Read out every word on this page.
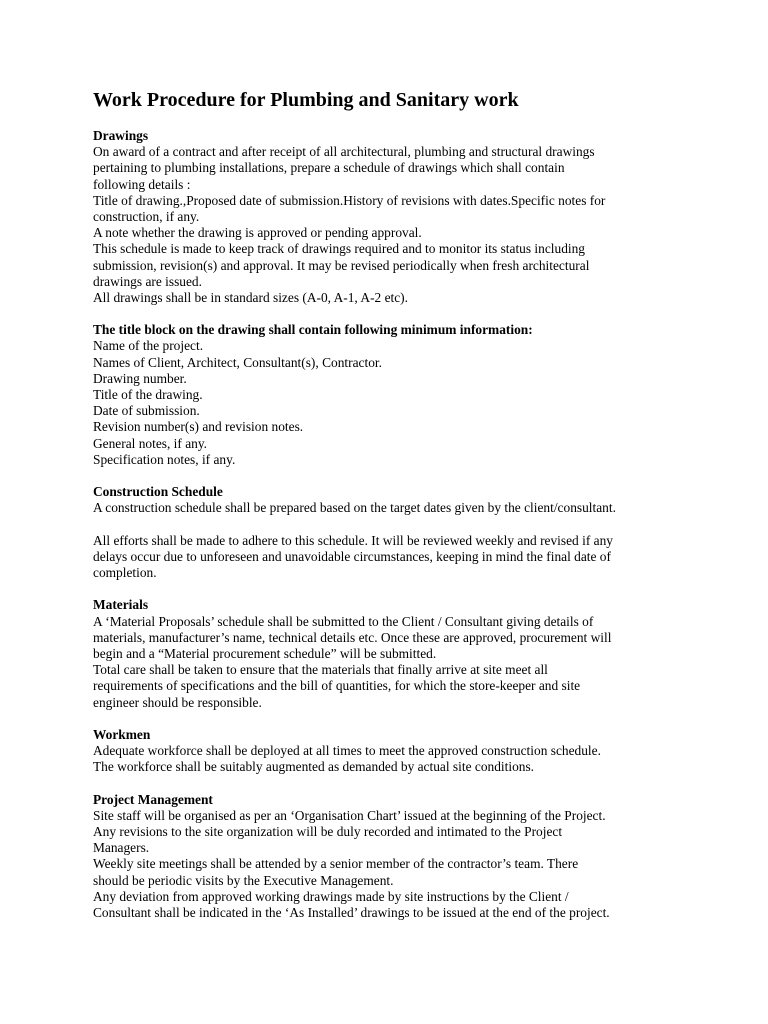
Work Procedure for Plumbing and Sanitary work
Drawings
On award of a contract and after receipt of all architectural, plumbing and structural drawings
pertaining to plumbing installations, prepare a schedule of drawings which shall contain
following details :
Title of drawing.,Proposed date of submission.History of revisions with dates.Specific notes for
construction, if any.
A note whether the drawing is approved or pending approval.
This schedule is made to keep track of drawings required and to monitor its status including
submission, revision(s) and approval. It may be revised periodically when fresh architectural
drawings are issued.
All drawings shall be in standard sizes (A-0, A-1, A-2 etc).
The title block on the drawing shall contain following minimum information:
Name of the project.
Names of Client, Architect, Consultant(s), Contractor.
Drawing number.
Title of the drawing.
Date of submission.
Revision number(s) and revision notes.
General notes, if any.
Specification notes, if any.
Construction Schedule
A construction schedule shall be prepared based on the target dates given by the client/consultant.
All efforts shall be made to adhere to this schedule. It will be reviewed weekly and revised if any
delays occur due to unforeseen and unavoidable circumstances, keeping in mind the final date of
completion.
Materials
A ‘Material Proposals’ schedule shall be submitted to the Client / Consultant giving details of
materials, manufacturer’s name, technical details etc. Once these are approved, procurement will
begin and a “Material procurement schedule” will be submitted.
Total care shall be taken to ensure that the materials that finally arrive at site meet all
requirements of specifications and the bill of quantities, for which the store-keeper and site
engineer should be responsible.
Workmen
Adequate workforce shall be deployed at all times to meet the approved construction schedule.
The workforce shall be suitably augmented as demanded by actual site conditions.
Project Management
Site staff will be organised as per an ‘Organisation Chart’ issued at the beginning of the Project.
Any revisions to the site organization will be duly recorded and intimated to the Project
Managers.
Weekly site meetings shall be attended by a senior member of the contractor’s team. There
should be periodic visits by the Executive Management.
Any deviation from approved working drawings made by site instructions by the Client /
Consultant shall be indicated in the ‘As Installed’ drawings to be issued at the end of the project.
